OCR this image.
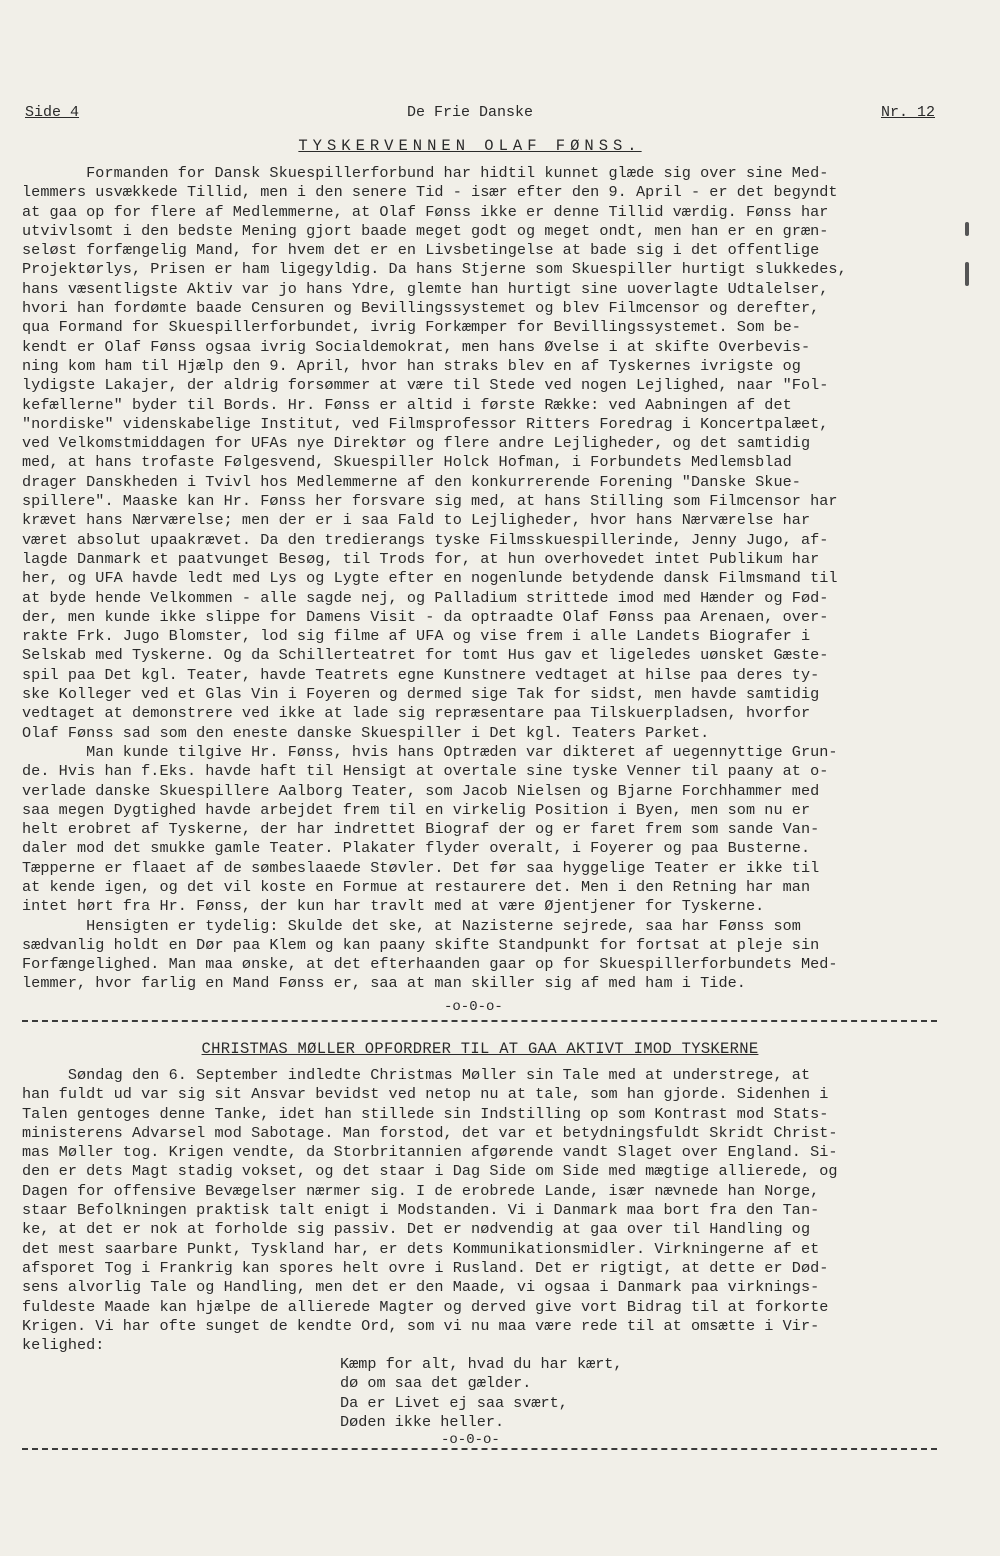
Side 4	De Frie Danske	Nr. 12
TYSKERVENNEN OLAF FØNSS.
Formanden for Dansk Skuespillerforbund har hidtil kunnet glæde sig over sine Med-
lemmers usvækkede Tillid, men i den senere Tid - især efter den 9. April - er det begyndt
at gaa op for flere af Medlemmerne, at Olaf Fønss ikke er denne Tillid værdig. Fønss har
utvivlsomt i den bedste Mening gjort baade meget godt og meget ondt, men han er en græn-
seløst forfængelig Mand, for hvem det er en Livsbetingelse at bade sig i det offentlige
Projektørlys, Prisen er ham ligegyldig. Da hans Stjerne som Skuespiller hurtigt slukkedes,
hans væsentligste Aktiv var jo hans Ydre, glemte han hurtigt sine uoverlagte Udtalelser,
hvori han fordømte baade Censuren og Bevillingssystemet og blev Filmcensor og derefter,
qua Formand for Skuespillerforbundet, ivrig Forkæmper for Bevillingssystemet. Som be-
kendt er Olaf Fønss ogsaa ivrig Socialdemokrat, men hans Øvelse i at skifte Overbevis-
ning kom ham til Hjælp den 9. April, hvor han straks blev en af Tyskernes ivrigste og
lydigste Lakajer, der aldrig forsømmer at være til Stede ved nogen Lejlighed, naar "Fol-
kefællerne" byder til Bords. Hr. Fønss er altid i første Række: ved Aabningen af det
"nordiske" videnskabelige Institut, ved Filmsprofessor Ritters Foredrag i Koncertpalæet,
ved Velkomstmiddagen for UFAs nye Direktør og flere andre Lejligheder, og det samtidig
med, at hans trofaste Følgesvend, Skuespiller Holck Hofman, i Forbundets Medlemsblad
drager Danskheden i Tvivl hos Medlemmerne af den konkurrerende Forening "Danske Skue-
spillere". Maaske kan Hr. Fønss her forsvare sig med, at hans Stilling som Filmcensor har
krævet hans Nærværelse; men der er i saa Fald to Lejligheder, hvor hans Nærværelse har
været absolut upaakrævet. Da den tredierangs tyske Filmsskuespillerinde, Jenny Jugo, af-
lagde Danmark et paatvunget Besøg, til Trods for, at hun overhovedet intet Publikum har
her, og UFA havde ledt med Lys og Lygte efter en nogenlunde betydende dansk Filmsmand til
at byde hende Velkommen - alle sagde nej, og Palladium strittede imod med Hænder og Fød-
der, men kunde ikke slippe for Damens Visit - da optraadte Olaf Fønss paa Arenaen, over-
rakte Frk. Jugo Blomster, lod sig filme af UFA og vise frem i alle Landets Biografer i
Selskab med Tyskerne. Og da Schillerteatret for tomt Hus gav et ligeledes uønsket Gæste-
spil paa Det kgl. Teater, havde Teatrets egne Kunstnere vedtaget at hilse paa deres ty-
ske Kolleger ved et Glas Vin i Foyeren og dermed sige Tak for sidst, men havde samtidig
vedtaget at demonstrere ved ikke at lade sig repræsentare paa Tilskuerpladsen, hvorfor
Olaf Fønss sad som den eneste danske Skuespiller i Det kgl. Teaters Parket.
Man kunde tilgive Hr. Fønss, hvis hans Optræden var dikteret af uegennyttige Grun-
de. Hvis han f.Eks. havde haft til Hensigt at overtale sine tyske Venner til paany at o-
verlade danske Skuespillere Aalborg Teater, som Jacob Nielsen og Bjarne Forchhammer med
saa megen Dygtighed havde arbejdet frem til en virkelig Position i Byen, men som nu er
helt erobret af Tyskerne, der har indrettet Biograf der og er faret frem som sande Van-
daler mod det smukke gamle Teater. Plakater flyder overalt, i Foyerer og paa Busterne.
Tæpperne er flaaet af de sømbeslaaede Støvler. Det før saa hyggelige Teater er ikke til
at kende igen, og det vil koste en Formue at restaurere det. Men i den Retning har man
intet hørt fra Hr. Fønss, der kun har travlt med at være Øjentjener for Tyskerne.
Hensigten er tydelig: Skulde det ske, at Nazisterne sejrede, saa har Fønss som
sædvanlig holdt en Dør paa Klem og kan paany skifte Standpunkt for fortsat at pleje sin
Forfængelighed. Man maa ønske, at det efterhaanden gaar op for Skuespillerforbundets Med-
lemmer, hvor farlig en Mand Fønss er, saa at man skiller sig af med ham i Tide.
-o-0-o-
CHRISTMAS MØLLER OPFORDRER TIL AT GAA AKTIVT IMOD TYSKERNE
Søndag den 6. September indledte Christmas Møller sin Tale med at understrege, at
han fuldt ud var sig sit Ansvar bevidst ved netop nu at tale, som han gjorde. Sidenhen i
Talen gentoges denne Tanke, idet han stillede sin Indstilling op som Kontrast mod Stats-
ministerens Advarsel mod Sabotage. Man forstod, det var et betydningsfuldt Skridt Christ-
mas Møller tog. Krigen vendte, da Storbritannien afgørende vandt Slaget over England. Si-
den er dets Magt stadig vokset, og det staar i Dag Side om Side med mægtige allierede, og
Dagen for offensive Bevægelser nærmer sig. I de erobrede Lande, især nævnede han Norge,
staar Befolkningen praktisk talt enigt i Modstanden. Vi i Danmark maa bort fra den Tan-
ke, at det er nok at forholde sig passiv. Det er nødvendig at gaa over til Handling og
det mest saarbare Punkt, Tyskland har, er dets Kommunikationsmidler. Virkningerne af et
afsporet Tog i Frankrig kan spores helt ovre i Rusland. Det er rigtigt, at dette er Død-
sens alvorlig Tale og Handling, men det er den Maade, vi ogsaa i Danmark paa virknings-
fuldeste Maade kan hjælpe de allierede Magter og derved give vort Bidrag til at forkorte
Krigen. Vi har ofte sunget de kendte Ord, som vi nu maa være rede til at omsætte i Vir-
kelighed:
Kæmp for alt, hvad du har kært,
dø om saa det gælder.
Da er Livet ej saa svært,
Døden ikke heller.
-o-0-o-
